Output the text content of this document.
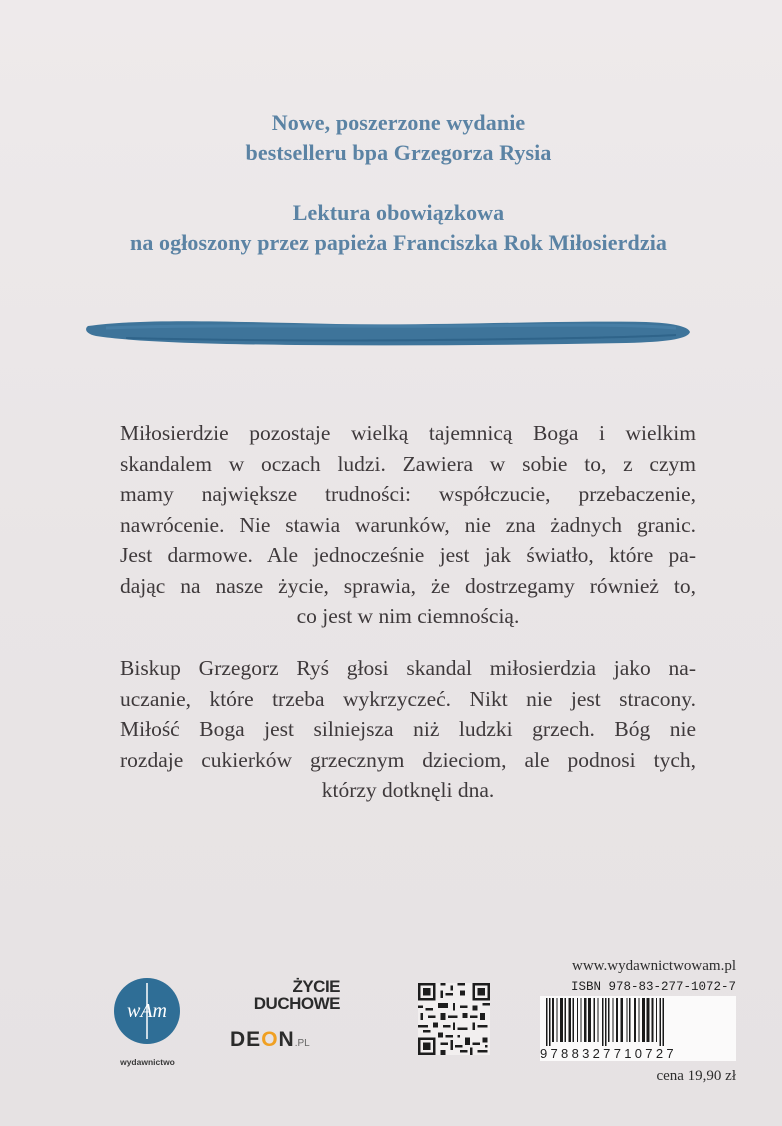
Nowe, poszerzone wydanie
bestselleru bpa Grzegorza Rysia
Lektura obowiązkowa
na ogłoszony przez papieża Franciszka Rok Miłosierdzia
Miłosierdzie pozostaje wielką tajemnicą Boga i wielkim
skandalem w oczach ludzi. Zawiera w sobie to, z czym
mamy największe trudności: współczucie, przebaczenie,
nawrócenie. Nie stawia warunków, nie zna żadnych granic.
Jest darmowe. Ale jednocześnie jest jak światło, które pa-
dając na nasze życie, sprawia, że dostrzegamy również to,
co jest w nim ciemnością.
Biskup Grzegorz Ryś głosi skandal miłosierdzia jako na-
uczanie, które trzeba wykrzyczeć. Nikt nie jest stracony.
Miłość Boga jest silniejsza niż ludzki grzech. Bóg nie
rozdaje cukierków grzecznym dzieciom, ale podnosi tych,
którzy dotknęli dna.
wAm
wydawnictwo
ŻYCIE
DUCHOWE
DEON.PL
www.wydawnictwowam.pl
ISBN 978-83-277-1072-7
9788327710727
cena 19,90 zł
